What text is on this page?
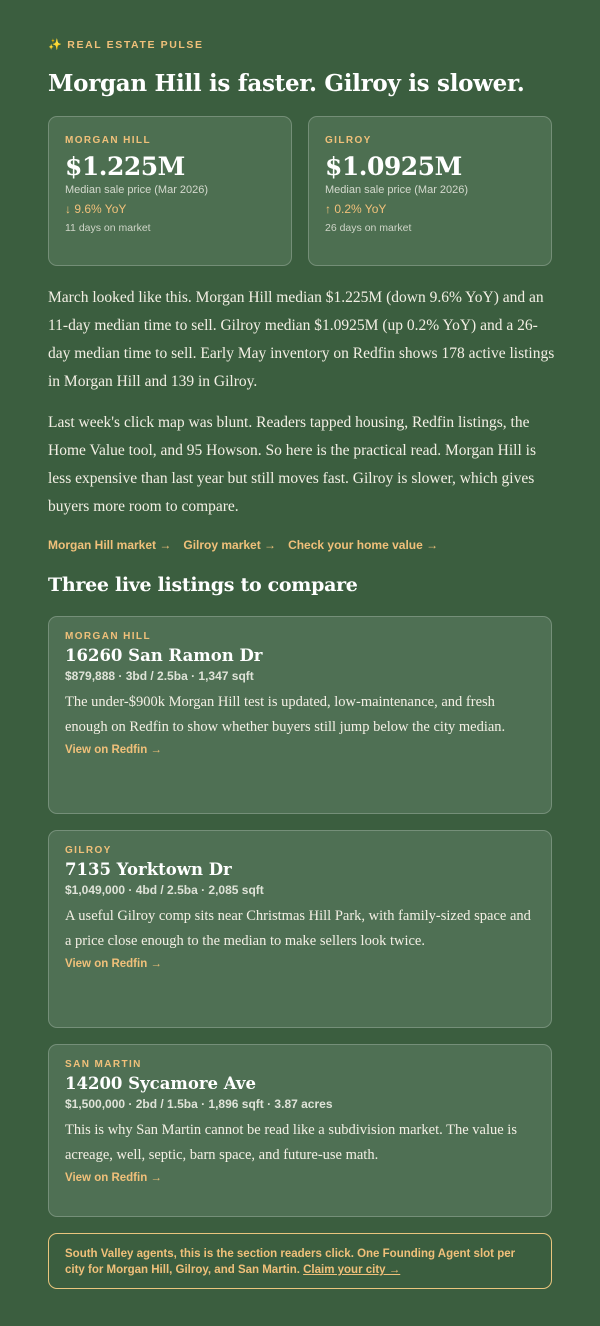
✨ REAL ESTATE PULSE
Morgan Hill is faster. Gilroy is slower.
MORGAN HILL
$1.225M
Median sale price (Mar 2026)
↓ 9.6% YoY
11 days on market
GILROY
$1.0925M
Median sale price (Mar 2026)
↑ 0.2% YoY
26 days on market

March looked like this. Morgan Hill median $1.225M (down 9.6% YoY) and an 11-day median time to sell. Gilroy median $1.0925M (up 0.2% YoY) and a 26-day median time to sell. Early May inventory on Redfin shows 178 active listings in Morgan Hill and 139 in Gilroy.

Last week's click map was blunt. Readers tapped housing, Redfin listings, the Home Value tool, and 95 Howson. So here is the practical read. Morgan Hill is less expensive than last year but still moves fast. Gilroy is slower, which gives buyers more room to compare.

Morgan Hill market → Gilroy market → Check your home value →
Three live listings to compare
MORGAN HILL
16260 San Ramon Dr
$879,888 · 3bd / 2.5ba · 1,347 sqft

The under-$900k Morgan Hill test is updated, low-maintenance, and fresh enough on Redfin to show whether buyers still jump below the city median.

View on Redfin →
GILROY
7135 Yorktown Dr
$1,049,000 · 4bd / 2.5ba · 2,085 sqft

A useful Gilroy comp sits near Christmas Hill Park, with family-sized space and a price close enough to the median to make sellers look twice.

View on Redfin →
SAN MARTIN
14200 Sycamore Ave
$1,500,000 · 2bd / 1.5ba · 1,896 sqft · 3.87 acres

This is why San Martin cannot be read like a subdivision market. The value is acreage, well, septic, barn space, and future-use math.

View on Redfin →
South Valley agents, this is the section readers click. One Founding Agent slot per city for Morgan Hill, Gilroy, and San Martin. Claim your city →
